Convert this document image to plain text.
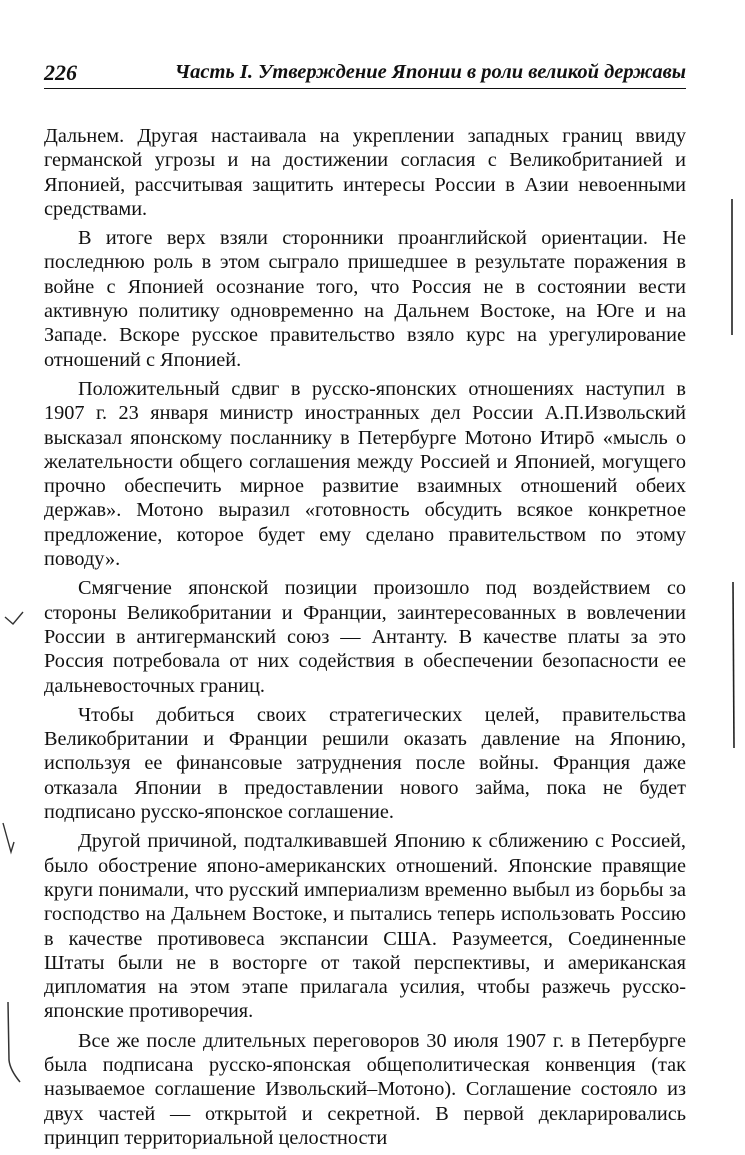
226	Часть I. Утверждение Японии в роли великой державы

Дальнем. Другая настаивала на укреплении западных границ ввиду германской угрозы и на достижении согласия с Великобританией и Японией, рассчитывая защитить интересы России в Азии невоенными средствами.

В итоге верх взяли сторонники проанглийской ориентации. Не последнюю роль в этом сыграло пришедшее в результате поражения в войне с Японией осознание того, что Россия не в состоянии вести активную политику одновременно на Дальнем Востоке, на Юге и на Западе. Вскоре русское правительство взяло курс на урегулирование отношений с Японией.

Положительный сдвиг в русско-японских отношениях наступил в 1907 г. 23 января министр иностранных дел России А.П.Извольский высказал японскому посланнику в Петербурге Мотоно Итирō «мысль о желательности общего соглашения между Россией и Японией, могущего прочно обеспечить мирное развитие взаимных отношений обеих держав». Мотоно выразил «готовность обсудить всякое конкретное предложение, которое будет ему сделано правительством по этому поводу».

Смягчение японской позиции произошло под воздействием со стороны Великобритании и Франции, заинтересованных в вовлечении России в антигерманский союз — Антанту. В качестве платы за это Россия потребовала от них содействия в обеспечении безопасности ее дальневосточных границ.

Чтобы добиться своих стратегических целей, правительства Великобритании и Франции решили оказать давление на Японию, используя ее финансовые затруднения после войны. Франция даже отказала Японии в предоставлении нового займа, пока не будет подписано русско-японское соглашение.

Другой причиной, подталкивавшей Японию к сближению с Россией, было обострение японо-американских отношений. Японские правящие круги понимали, что русский империализм временно выбыл из борьбы за господство на Дальнем Востоке, и пытались теперь использовать Россию в качестве противовеса экспансии США. Разумеется, Соединенные Штаты были не в восторге от такой перспективы, и американская дипломатия на этом этапе прилагала усилия, чтобы разжечь русско-японские противоречия.

Все же после длительных переговоров 30 июля 1907 г. в Петербурге была подписана русско-японская общеполитическая конвенция (так называемое соглашение Извольский–Мотоно). Соглашение состояло из двух частей — открытой и секретной. В первой декларировались принцип территориальной целостности
